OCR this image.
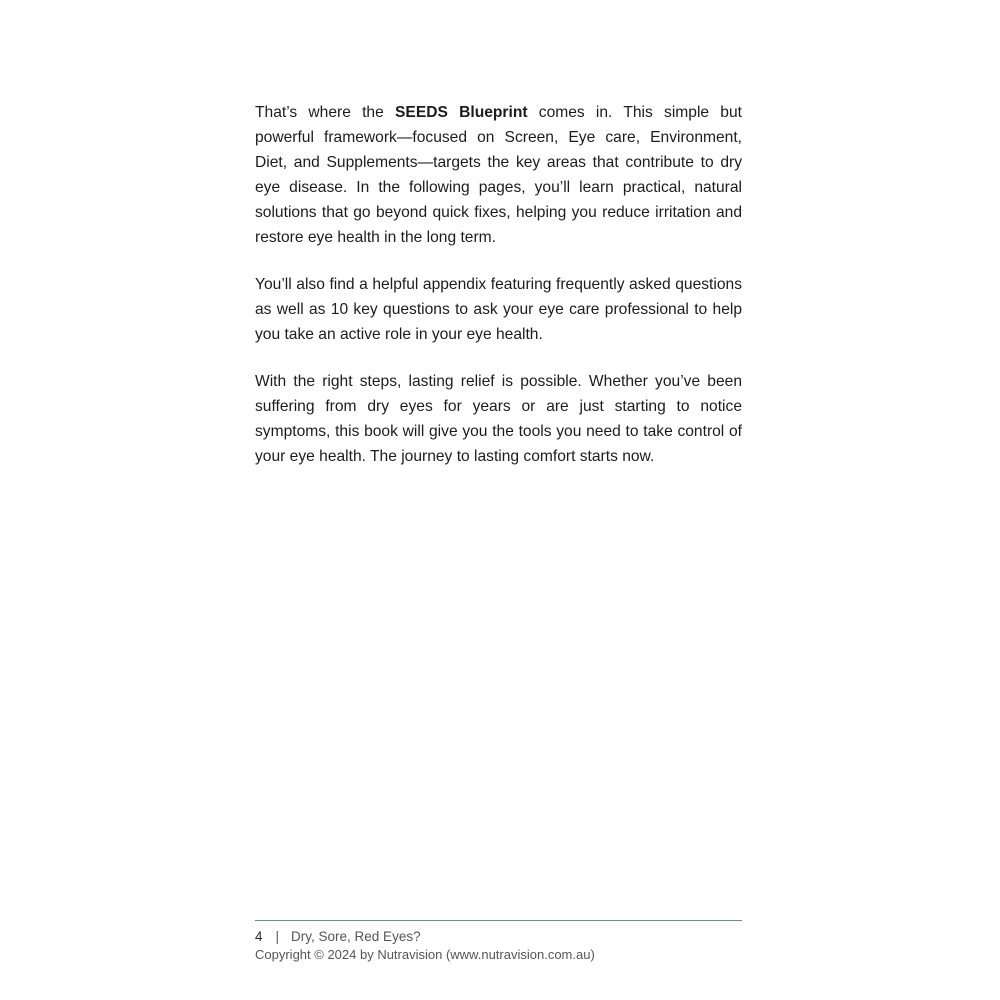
That’s where the SEEDS Blueprint comes in. This simple but powerful framework—focused on Screen, Eye care, Environment, Diet, and Supplements—targets the key areas that contribute to dry eye disease. In the following pages, you’ll learn practical, natural solutions that go beyond quick fixes, helping you reduce irritation and restore eye health in the long term.

You’ll also find a helpful appendix featuring frequently asked questions as well as 10 key questions to ask your eye care professional to help you take an active role in your eye health.

With the right steps, lasting relief is possible. Whether you’ve been suffering from dry eyes for years or are just starting to notice symptoms, this book will give you the tools you need to take control of your eye health. The journey to lasting comfort starts now.

4 | Dry, Sore, Red Eyes?
Copyright © 2024 by Nutravision (www.nutravision.com.au)
